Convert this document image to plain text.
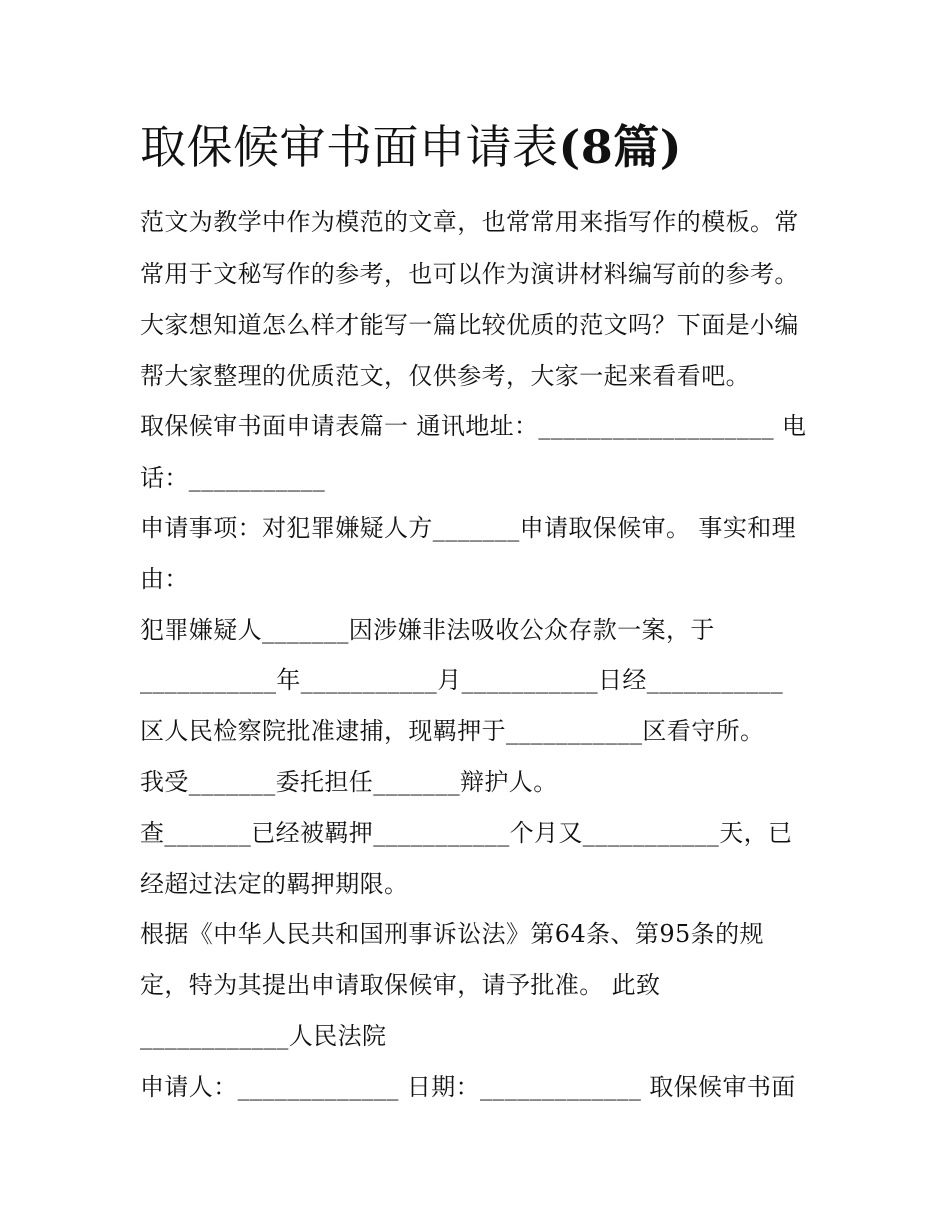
取保候审书面申请表(8篇)
范文为教学中作为模范的文章，也常常用来指写作的模板。常
常用于文秘写作的参考，也可以作为演讲材料编写前的参考。
大家想知道怎么样才能写一篇比较优质的范文吗？下面是小编
帮大家整理的优质范文，仅供参考，大家一起来看看吧。
取保候审书面申请表篇一 通讯地址：___________________ 电
话：___________
申请事项：对犯罪嫌疑人方_______申请取保候审。 事实和理
由：
犯罪嫌疑人_______因涉嫌非法吸收公众存款一案，于
___________年___________月___________日经___________
区人民检察院批准逮捕，现羁押于___________区看守所。
我受_______委托担任_______辩护人。
查_______已经被羁押___________个月又___________天，已
经超过法定的羁押期限。
根据《中华人民共和国刑事诉讼法》第64条、第95条的规
定，特为其提出申请取保候审，请予批准。 此致
____________人民法院
申请人：_____________ 日期：_____________ 取保候审书面
